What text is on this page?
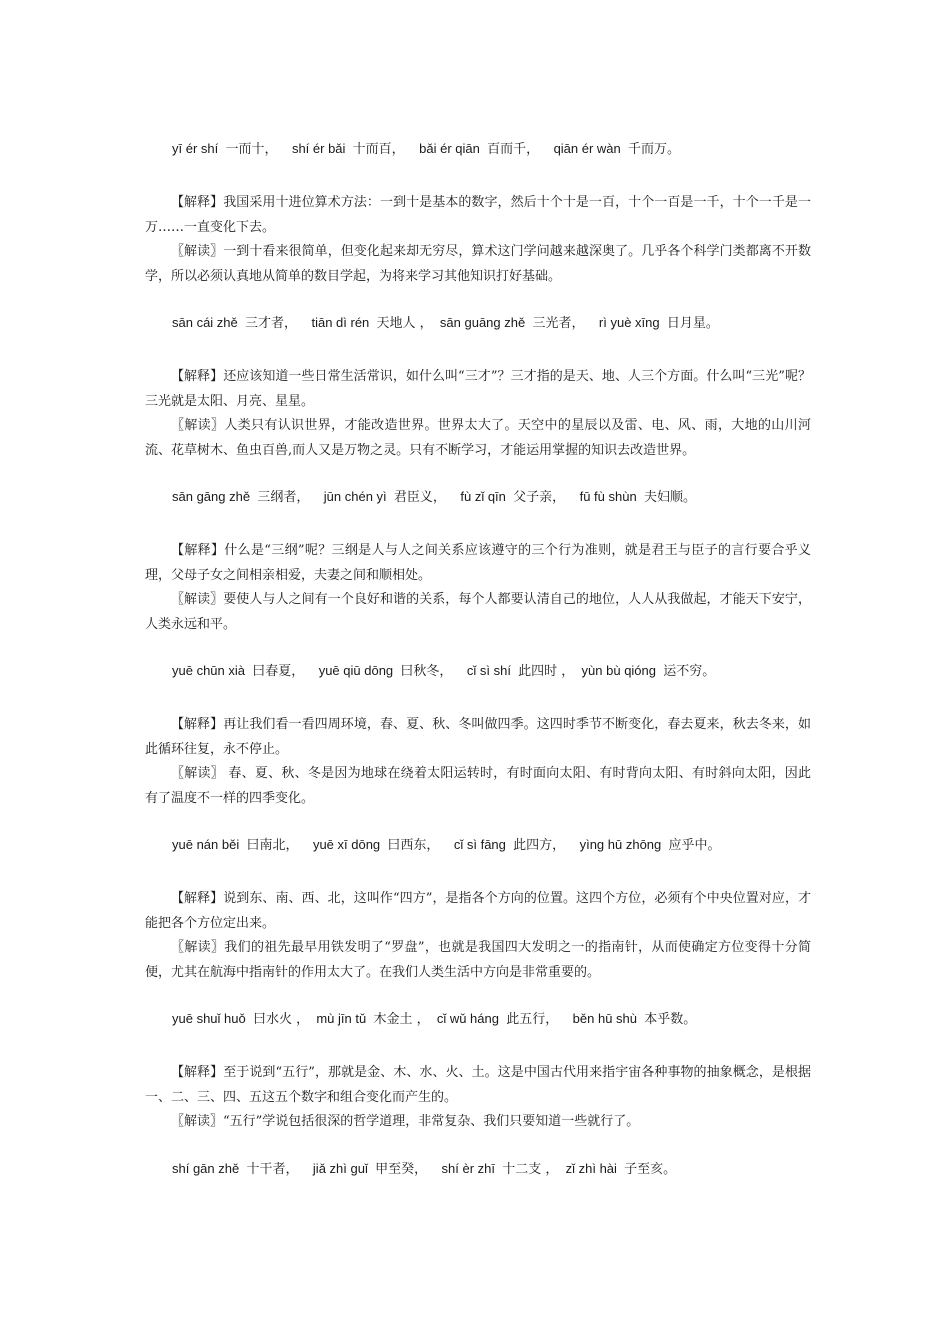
yī ér shí 一而十， shí ér bǎi 十而百， bǎi ér qiān 百而千， qiān ér wàn 千而万。

【解释】我国采用十进位算术方法：一到十是基本的数字，然后十个十是一百，十个一百是一千，十个一千是一万……一直变化下去。

〖解读〗一到十看来很简单，但变化起来却无穷尽，算术这门学问越来越深奥了。几乎各个科学门类都离不开数学，所以必须认真地从简单的数目学起，为将来学习其他知识打好基础。

sān cái zhě 三才者， tiān dì rén 天地人 ， sān guāng zhě 三光者， rì yuè xīng 日月星。

【解释】还应该知道一些日常生活常识，如什么叫“三才”？三才指的是天、地、人三个方面。什么叫“三光”呢？三光就是太阳、月亮、星星。

〖解读〗人类只有认识世界，才能改造世界。世界太大了。天空中的星辰以及雷、电、风、雨，大地的山川河流、花草树木、鱼虫百兽,而人又是万物之灵。只有不断学习，才能运用掌握的知识去改造世界。

sān gāng zhě 三纲者， jūn chén yì 君臣义， fù zǐ qīn 父子亲， fū fù shùn 夫妇顺。

【解释】什么是“三纲”呢？三纲是人与人之间关系应该遵守的三个行为准则，就是君王与臣子的言行要合乎义理，父母子女之间相亲相爱，夫妻之间和顺相处。

〖解读〗要使人与人之间有一个良好和谐的关系，每个人都要认清自己的地位，人人从我做起，才能天下安宁，人类永远和平。

yuē chūn xià 曰春夏， yuē qiū dōng 曰秋冬， cǐ sì shí 此四时 ， yùn bù qióng 运不穷。

【解释】再让我们看一看四周环境，春、夏、秋、冬叫做四季。这四时季节不断变化，春去夏来，秋去冬来，如此循环往复，永不停止。

〖解读〗 春、夏、秋、冬是因为地球在绕着太阳运转时，有时面向太阳、有时背向太阳、有时斜向太阳，因此有了温度不一样的四季变化。

yuē nán běi 曰南北， yuē xī dōng 曰西东， cǐ sì fāng 此四方， yìng hū zhōng 应乎中。

【解释】说到东、南、西、北，这叫作“四方”，是指各个方向的位置。这四个方位，必须有个中央位置对应，才能把各个方位定出来。

〖解读〗我们的祖先最早用铁发明了“罗盘”，也就是我国四大发明之一的指南针，从而使确定方位变得十分简便，尤其在航海中指南针的作用太大了。在我们人类生活中方向是非常重要的。

yuē shuǐ huǒ 曰水火 ， mù jīn tǔ 木金土 ， cǐ wǔ háng 此五行， běn hū shù 本乎数。

【解释】至于说到“五行”，那就是金、木、水、火、土。这是中国古代用来指宇宙各种事物的抽象概念，是根据一、二、三、四、五这五个数字和组合变化而产生的。

〖解读〗“五行”学说包括很深的哲学道理，非常复杂、我们只要知道一些就行了。

shí gān zhě 十干者， jiǎ zhì guǐ 甲至癸， shí èr zhī 十二支 ， zǐ zhì hài 子至亥。
